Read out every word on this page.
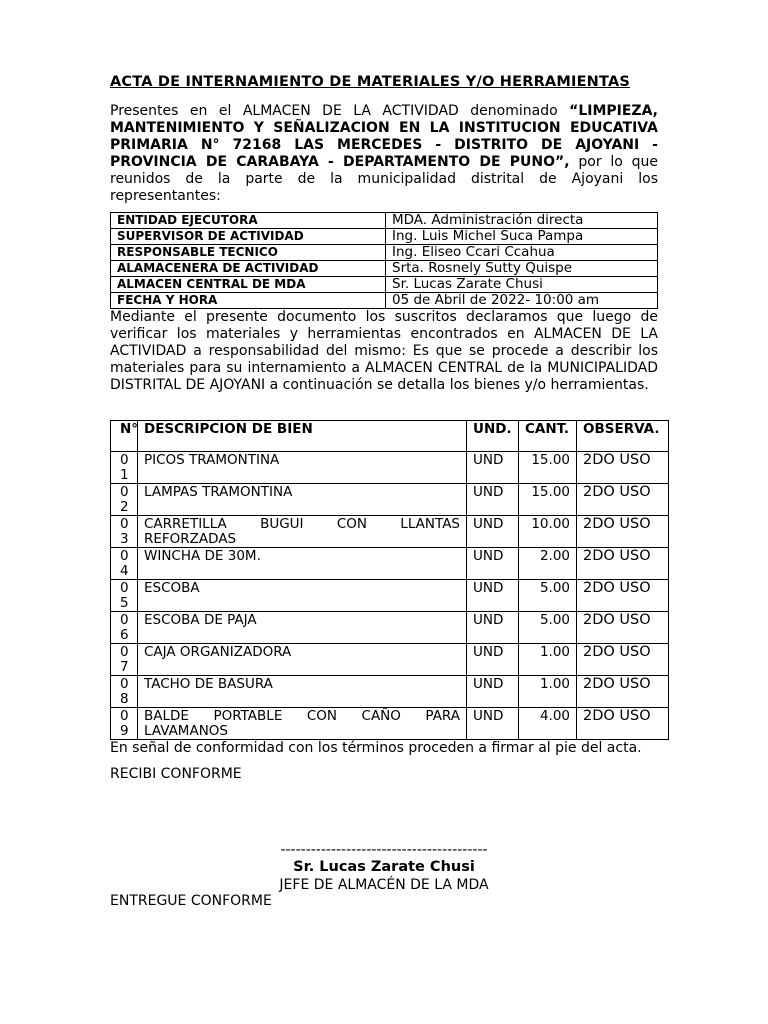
ACTA DE INTERNAMIENTO DE MATERIALES Y/O HERRAMIENTAS
Presentes en el ALMACEN DE LA ACTIVIDAD denominado “LIMPIEZA, MANTENIMIENTO Y SEÑALIZACION EN LA INSTITUCION EDUCATIVA PRIMARIA N° 72168 LAS MERCEDES - DISTRITO DE AJOYANI - PROVINCIA DE CARABAYA - DEPARTAMENTO DE PUNO”, por lo que reunidos de la parte de la municipalidad distrital de Ajoyani los representantes:
ENTIDAD EJECUTORA	MDA. Administración directa
SUPERVISOR DE ACTIVIDAD	Ing. Luis Michel Suca Pampa
RESPONSABLE TECNICO	Ing. Eliseo Ccari Ccahua
ALAMACENERA DE ACTIVIDAD	Srta. Rosnely Sutty Quispe
ALMACEN CENTRAL DE MDA	Sr. Lucas Zarate Chusi
FECHA Y HORA	05 de Abril de 2022- 10:00 am
Mediante el presente documento los suscritos declaramos que luego de verificar los materiales y herramientas encontrados en ALMACEN DE LA ACTIVIDAD a responsabilidad del mismo: Es que se procede a describir los materiales para su internamiento a ALMACEN CENTRAL de la MUNICIPALIDAD DISTRITAL DE AJOYANI a continuación se detalla los bienes y/o herramientas.
N°	DESCRIPCION DE BIEN	UND.	CANT.	OBSERVA.
01	PICOS TRAMONTINA	UND	15.00	2DO USO
02	LAMPAS TRAMONTINA	UND	15.00	2DO USO
03	CARRETILLA BUGUI CON LLANTAS REFORZADAS	UND	10.00	2DO USO
04	WINCHA DE 30M.	UND	2.00	2DO USO
05	ESCOBA	UND	5.00	2DO USO
06	ESCOBA DE PAJA	UND	5.00	2DO USO
07	CAJA ORGANIZADORA	UND	1.00	2DO USO
08	TACHO DE BASURA	UND	1.00	2DO USO
09	BALDE PORTABLE CON CAÑO PARA LAVAMANOS	UND	4.00	2DO USO
En señal de conformidad con los términos proceden a firmar al pie del acta.
RECIBI CONFORME
-----------------------------------------
Sr. Lucas Zarate Chusi
JEFE DE ALMACÉN DE LA MDA
ENTREGUE CONFORME
